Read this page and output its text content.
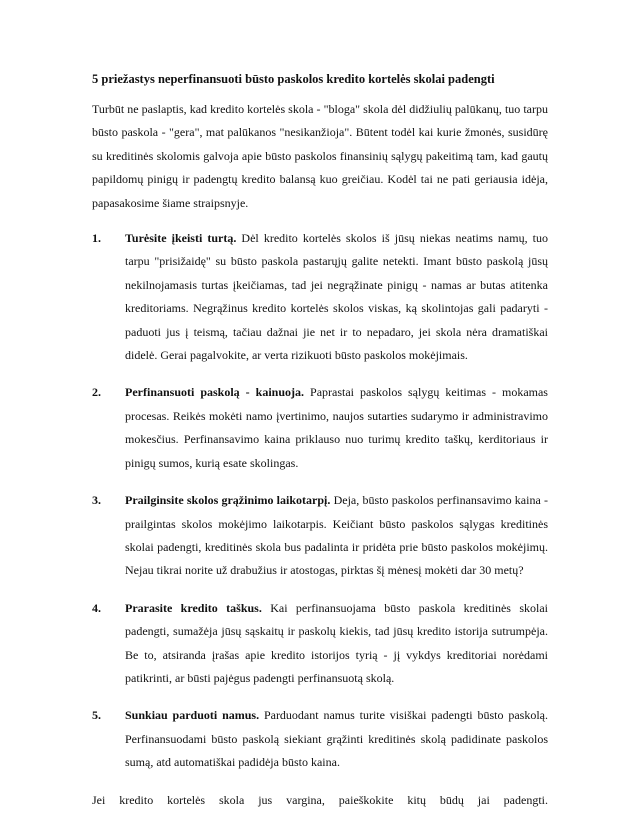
5 priežastys neperfinansuoti būsto paskolos kredito kortelės skolai padengti

Turbūt ne paslaptis, kad kredito kortelės skola - "bloga" skola dėl didžiulių palūkanų, tuo tarpu būsto paskola - "gera", mat palūkanos "nesikanžioja". Būtent todėl kai kurie žmonės, susidūrę su kreditinės skolomis galvoja apie būsto paskolos finansinių sąlygų pakeitimą tam, kad gautų papildomų pinigų ir padengtų kredito balansą kuo greičiau. Kodėl tai ne pati geriausia idėja, papasakosime šiame straipsnyje.

1. Turėsite įkeisti turtą. Dėl kredito kortelės skolos iš jūsų niekas neatims namų, tuo tarpu "prisižaidę" su būsto paskola pastarųjų galite netekti. Imant būsto paskolą jūsų nekilnojamasis turtas įkeičiamas, tad jei negrąžinate pinigų - namas ar butas atitenka kreditoriams. Negrąžinus kredito kortelės skolos viskas, ką skolintojas gali padaryti - paduoti jus į teismą, tačiau dažnai jie net ir to nepadaro, jei skola nėra dramatiškai didelė. Gerai pagalvokite, ar verta rizikuoti būsto paskolos mokėjimais.
2. Perfinansuoti paskolą - kainuoja. Paprastai paskolos sąlygų keitimas - mokamas procesas. Reikės mokėti namo įvertinimo, naujos sutarties sudarymo ir administravimo mokesčius. Perfinansavimo kaina priklauso nuo turimų kredito taškų, kerditoriaus ir pinigų sumos, kurią esate skolingas.
3. Prailginsite skolos grąžinimo laikotarpį. Deja, būsto paskolos perfinansavimo kaina - prailgintas skolos mokėjimo laikotarpis. Keičiant būsto paskolos sąlygas kreditinės skolai padengti, kreditinės skola bus padalinta ir pridėta prie būsto paskolos mokėjimų. Nejau tikrai norite už drabužius ir atostogas, pirktas šį mėnesį mokėti dar 30 metų?
4. Prarasite kredito taškus. Kai perfinansuojama būsto paskola kreditinės skolai padengti, sumažėja jūsų sąskaitų ir paskolų kiekis, tad jūsų kredito istorija sutrumpėja. Be to, atsiranda įrašas apie kredito istorijos tyrią - jį vykdys kreditoriai norėdami patikrinti, ar būsti pajėgus padengti perfinansuotą skolą.
5. Sunkiau parduoti namus. Parduodant namus turite visiškai padengti būsto paskolą. Perfinansuodami būsto paskolą siekiant grąžinti kreditinės skolą padidinate paskolos sumą, atd automatiškai padidėja būsto kaina.

Jei kredito kortelės skola jus vargina, paieškokite kitų būdų jai padengti.
